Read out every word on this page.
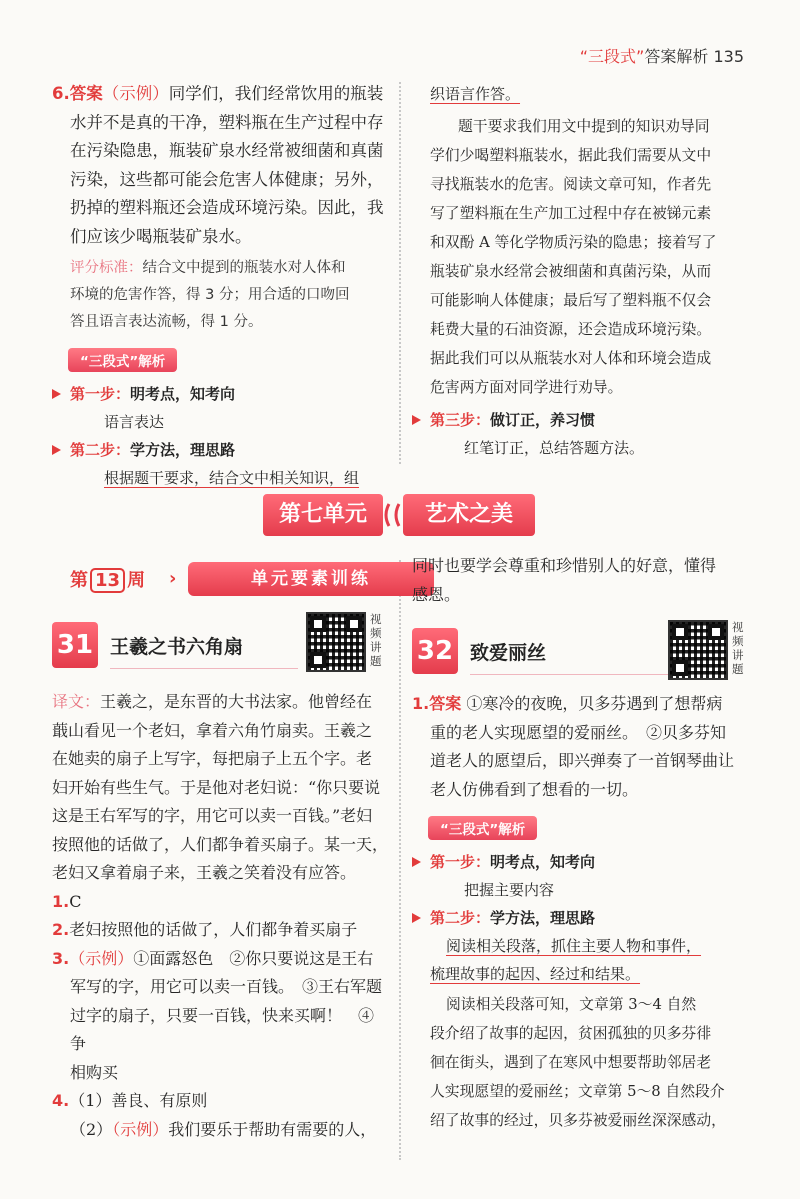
“三段式”答案解析 135
6.答案（示例）同学们，我们经常饮用的瓶装
水并不是真的干净，塑料瓶在生产过程中存
在污染隐患，瓶装矿泉水经常被细菌和真菌
污染，这些都可能会危害人体健康；另外，
扔掉的塑料瓶还会造成环境污染。因此，我
们应该少喝瓶装矿泉水。
评分标准：结合文中提到的瓶装水对人体和
环境的危害作答，得 3 分；用合适的口吻回
答且语言表达流畅，得 1 分。
“三段式”解析
第一步：明考点，知考向
语言表达
第二步：学方法，理思路
根据题干要求，结合文中相关知识，组
织语言作答。
题干要求我们用文中提到的知识劝导同
学们少喝塑料瓶装水，据此我们需要从文中
寻找瓶装水的危害。阅读文章可知，作者先
写了塑料瓶在生产加工过程中存在被锑元素
和双酚 A 等化学物质污染的隐患；接着写了
瓶装矿泉水经常会被细菌和真菌污染，从而
可能影响人体健康；最后写了塑料瓶不仅会
耗费大量的石油资源，还会造成环境污染。
据此我们可以从瓶装水对人体和环境会造成
危害两方面对同学进行劝导。
第三步：做订正，养习惯
红笔订正，总结答题方法。
第七单元	艺术之美
第 13 周 ›	单元要素训练
31 王羲之书六角扇
视频讲题
译文：王羲之，是东晋的大书法家。他曾经在
蕺山看见一个老妇，拿着六角竹扇卖。王羲之
在她卖的扇子上写字，每把扇子上五个字。老
妇开始有些生气。于是他对老妇说：“你只要说
这是王右军写的字，用它可以卖一百钱。”老妇
按照他的话做了，人们都争着买扇子。某一天，
老妇又拿着扇子来，王羲之笑着没有应答。
1.C
2.老妇按照他的话做了，人们都争着买扇子
3.（示例）①面露怒色　②你只要说这是王右
军写的字，用它可以卖一百钱。　③王右军题
过字的扇子，只要一百钱，快来买啊！　④争
相购买
4.（1）善良、有原则
（2）（示例）我们要乐于帮助有需要的人，
同时也要学会尊重和珍惜别人的好意，懂得
感恩。
32 致爱丽丝
视频讲题
1.答案 ①寒冷的夜晚，贝多芬遇到了想帮病
重的老人实现愿望的爱丽丝。　②贝多芬知
道老人的愿望后，即兴弹奏了一首钢琴曲让
老人仿佛看到了想看的一切。
“三段式”解析
第一步：明考点，知考向
把握主要内容
第二步：学方法，理思路
阅读相关段落，抓住主要人物和事件，
梳理故事的起因、经过和结果。
阅读相关段落可知，文章第 3～4 自然
段介绍了故事的起因，贫困孤独的贝多芬徘
徊在街头，遇到了在寒风中想要帮助邻居老
人实现愿望的爱丽丝；文章第 5～8 自然段介
绍了故事的经过，贝多芬被爱丽丝深深感动，
